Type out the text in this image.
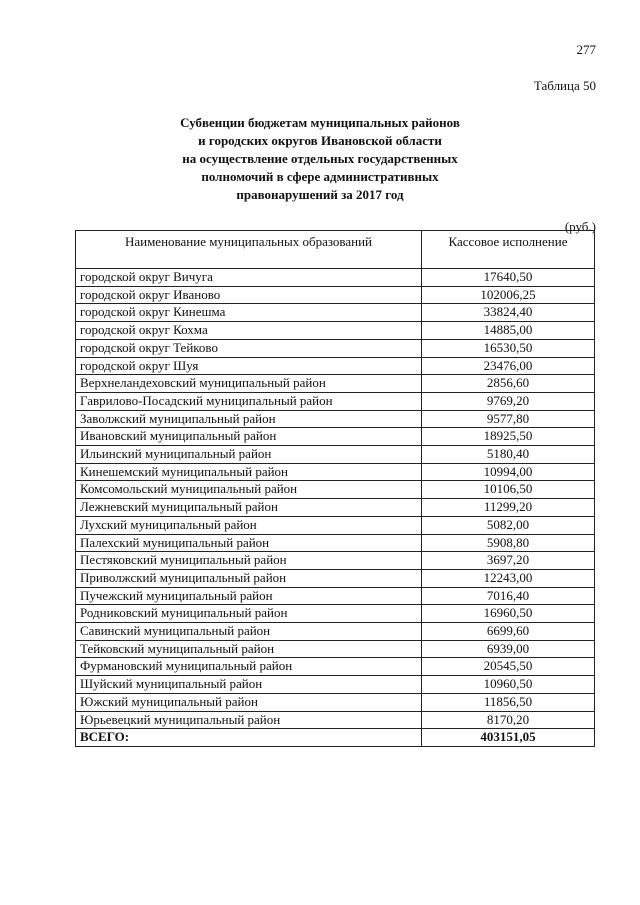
277
Таблица 50
Субвенции бюджетам муниципальных районов
и городских округов Ивановской области
на осуществление отдельных государственных
полномочий в сфере административных
правонарушений за 2017 год
(руб.)
Наименование муниципальных образований	Кассовое исполнение
городской округ Вичуга	17640,50
городской округ Иваново	102006,25
городской округ Кинешма	33824,40
городской округ Кохма	14885,00
городской округ Тейково	16530,50
городской округ Шуя	23476,00
Верхнеландеховский муниципальный район	2856,60
Гаврилово-Посадский муниципальный район	9769,20
Заволжский муниципальный район	9577,80
Ивановский муниципальный район	18925,50
Ильинский муниципальный район	5180,40
Кинешемский муниципальный район	10994,00
Комсомольский муниципальный район	10106,50
Лежневский муниципальный район	11299,20
Лухский муниципальный район	5082,00
Палехский муниципальный район	5908,80
Пестяковский муниципальный район	3697,20
Приволжский муниципальный район	12243,00
Пучежский муниципальный район	7016,40
Родниковский муниципальный район	16960,50
Савинский муниципальный район	6699,60
Тейковский муниципальный район	6939,00
Фурмановский муниципальный район	20545,50
Шуйский муниципальный район	10960,50
Южский муниципальный район	11856,50
Юрьевецкий муниципальный район	8170,20
ВСЕГО:	403151,05
